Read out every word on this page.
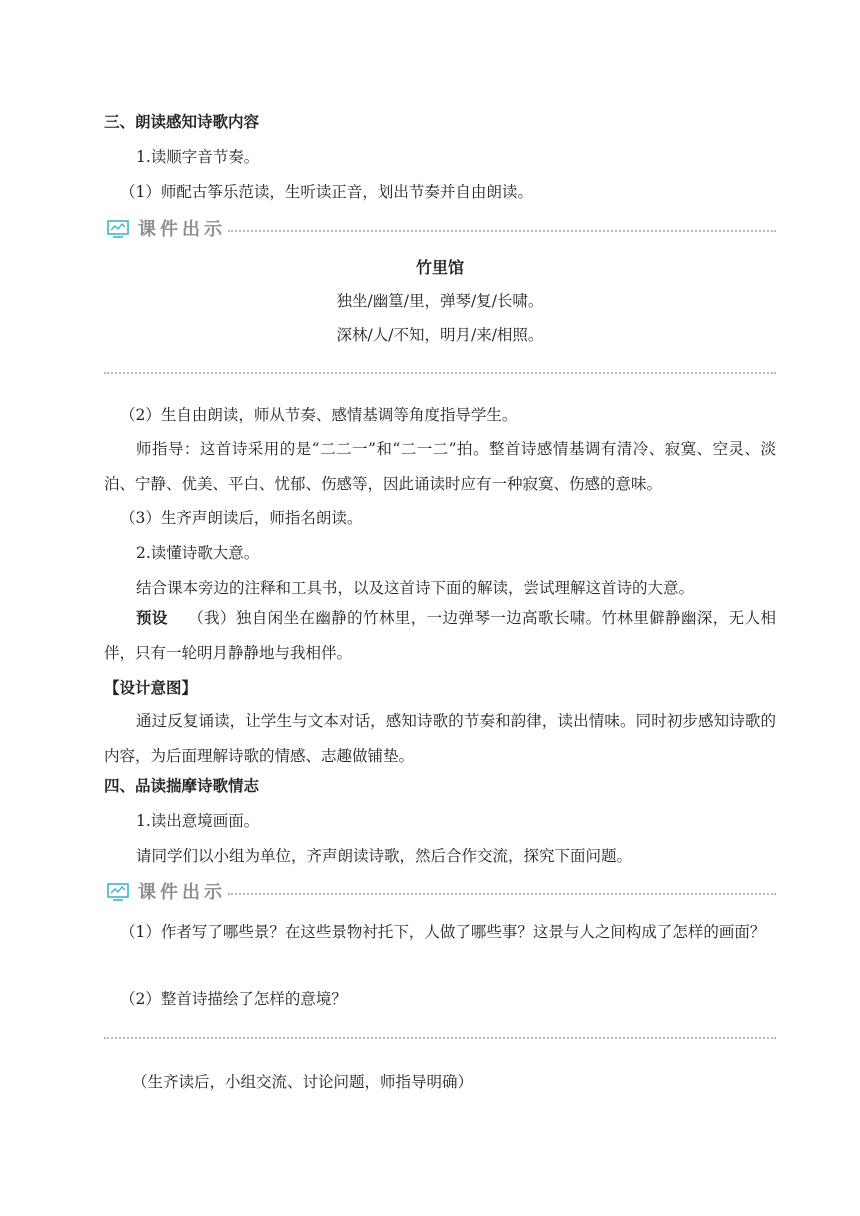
三、朗读感知诗歌内容
1.读顺字音节奏。
（1）师配古筝乐范读，生听读正音，划出节奏并自由朗读。
课件出示
竹里馆
独坐/幽篁/里，弹琴/复/长啸。
深林/人/不知，明月/来/相照。
（2）生自由朗读，师从节奏、感情基调等角度指导学生。
师指导：这首诗采用的是“二二一”和“二一二”拍。整首诗感情基调有清冷、寂寞、空灵、淡泊、宁静、优美、平白、忧郁、伤感等，因此诵读时应有一种寂寞、伤感的意味。
（3）生齐声朗读后，师指名朗读。
2.读懂诗歌大意。
结合课本旁边的注释和工具书，以及这首诗下面的解读，尝试理解这首诗的大意。
预设 （我）独自闲坐在幽静的竹林里，一边弹琴一边高歌长啸。竹林里僻静幽深，无人相伴，只有一轮明月静静地与我相伴。
【设计意图】
通过反复诵读，让学生与文本对话，感知诗歌的节奏和韵律，读出情味。同时初步感知诗歌的内容，为后面理解诗歌的情感、志趣做铺垫。
四、品读揣摩诗歌情志
1.读出意境画面。
请同学们以小组为单位，齐声朗读诗歌，然后合作交流，探究下面问题。
课件出示
（1）作者写了哪些景？在这些景物衬托下，人做了哪些事？这景与人之间构成了怎样的画面？
（2）整首诗描绘了怎样的意境？
（生齐读后，小组交流、讨论问题，师指导明确）
